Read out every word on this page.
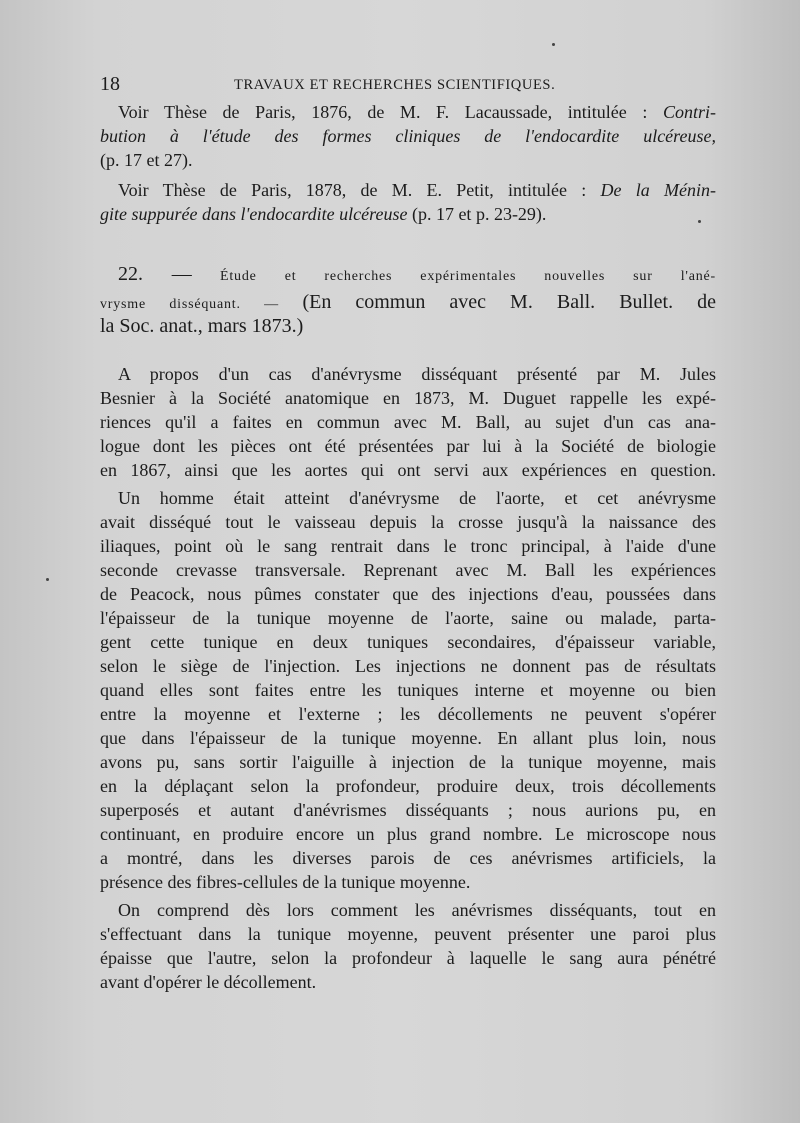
18	TRAVAUX ET RECHERCHES SCIENTIFIQUES.
Voir Thèse de Paris, 1876, de M. F. Lacaussade, intitulée : Contri-
bution à l'étude des formes cliniques de l'endocardite ulcéreuse,
(p. 17 et 27).
Voir Thèse de Paris, 1878, de M. E. Petit, intitulée : De la Ménin-
gite suppurée dans l'endocardite ulcéreuse (p. 17 et p. 23-29).
22. — Étude et recherches expérimentales nouvelles sur l'ané-
vrysme disséquant. — (En commun avec M. Ball. Bullet. de
la Soc. anat., mars 1873.)
A propos d'un cas d'anévrysme disséquant présenté par M. Jules
Besnier à la Société anatomique en 1873, M. Duguet rappelle les expé-
riences qu'il a faites en commun avec M. Ball, au sujet d'un cas ana-
logue dont les pièces ont été présentées par lui à la Société de biologie
en 1867, ainsi que les aortes qui ont servi aux expériences en question.
Un homme était atteint d'anévrysme de l'aorte, et cet anévrysme
avait disséqué tout le vaisseau depuis la crosse jusqu'à la naissance des
iliaques, point où le sang rentrait dans le tronc principal, à l'aide d'une
seconde crevasse transversale. Reprenant avec M. Ball les expériences
de Peacock, nous pûmes constater que des injections d'eau, poussées dans
l'épaisseur de la tunique moyenne de l'aorte, saine ou malade, parta-
gent cette tunique en deux tuniques secondaires, d'épaisseur variable,
selon le siège de l'injection. Les injections ne donnent pas de résultats
quand elles sont faites entre les tuniques interne et moyenne ou bien
entre la moyenne et l'externe ; les décollements ne peuvent s'opérer
que dans l'épaisseur de la tunique moyenne. En allant plus loin, nous
avons pu, sans sortir l'aiguille à injection de la tunique moyenne, mais
en la déplaçant selon la profondeur, produire deux, trois décollements
superposés et autant d'anévrismes disséquants ; nous aurions pu, en
continuant, en produire encore un plus grand nombre. Le microscope nous
a montré, dans les diverses parois de ces anévrismes artificiels, la
présence des fibres-cellules de la tunique moyenne.
On comprend dès lors comment les anévrismes disséquants, tout en
s'effectuant dans la tunique moyenne, peuvent présenter une paroi plus
épaisse que l'autre, selon la profondeur à laquelle le sang aura pénétré
avant d'opérer le décollement.
